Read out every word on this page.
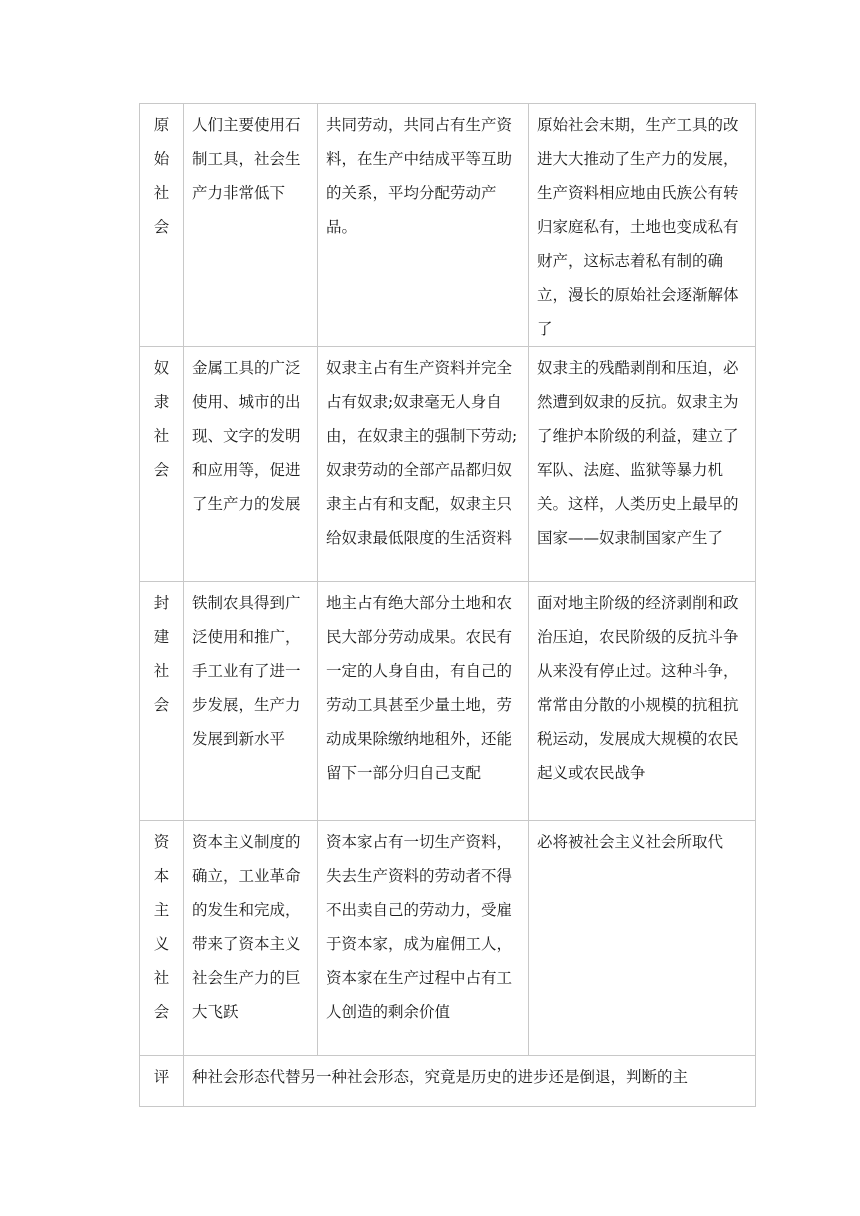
原始社会	人们主要使用石制工具，社会生产力非常低下	共同劳动，共同占有生产资料，在生产中结成平等互助的关系，平均分配劳动产品。	原始社会末期，生产工具的改进大大推动了生产力的发展，生产资料相应地由氏族公有转归家庭私有，土地也变成私有财产，这标志着私有制的确立，漫长的原始社会逐渐解体了

奴隶社会	金属工具的广泛使用、城市的出现、文字的发明和应用等，促进了生产力的发展	奴隶主占有生产资料并完全占有奴隶;奴隶毫无人身自由，在奴隶主的强制下劳动;奴隶劳动的全部产品都归奴隶主占有和支配，奴隶主只给奴隶最低限度的生活资料	奴隶主的残酷剥削和压迫，必然遭到奴隶的反抗。奴隶主为了维护本阶级的利益，建立了军队、法庭、监狱等暴力机关。这样，人类历史上最早的国家——奴隶制国家产生了

封建社会	铁制农具得到广泛使用和推广，手工业有了进一步发展，生产力发展到新水平	地主占有绝大部分土地和农民大部分劳动成果。农民有一定的人身自由，有自己的劳动工具甚至少量土地，劳动成果除缴纳地租外，还能留下一部分归自己支配	面对地主阶级的经济剥削和政治压迫，农民阶级的反抗斗争从来没有停止过。这种斗争，常常由分散的小规模的抗租抗税运动，发展成大规模的农民起义或农民战争

资本主义社会	资本主义制度的确立，工业革命的发生和完成，带来了资本主义社会生产力的巨大飞跃	资本家占有一切生产资料，失去生产资料的劳动者不得不出卖自己的劳动力，受雇于资本家，成为雇佣工人，资本家在生产过程中占有工人创造的剩余价值	必将被社会主义社会所取代

评	种社会形态代替另一种社会形态，究竟是历史的进步还是倒退，判断的主		
